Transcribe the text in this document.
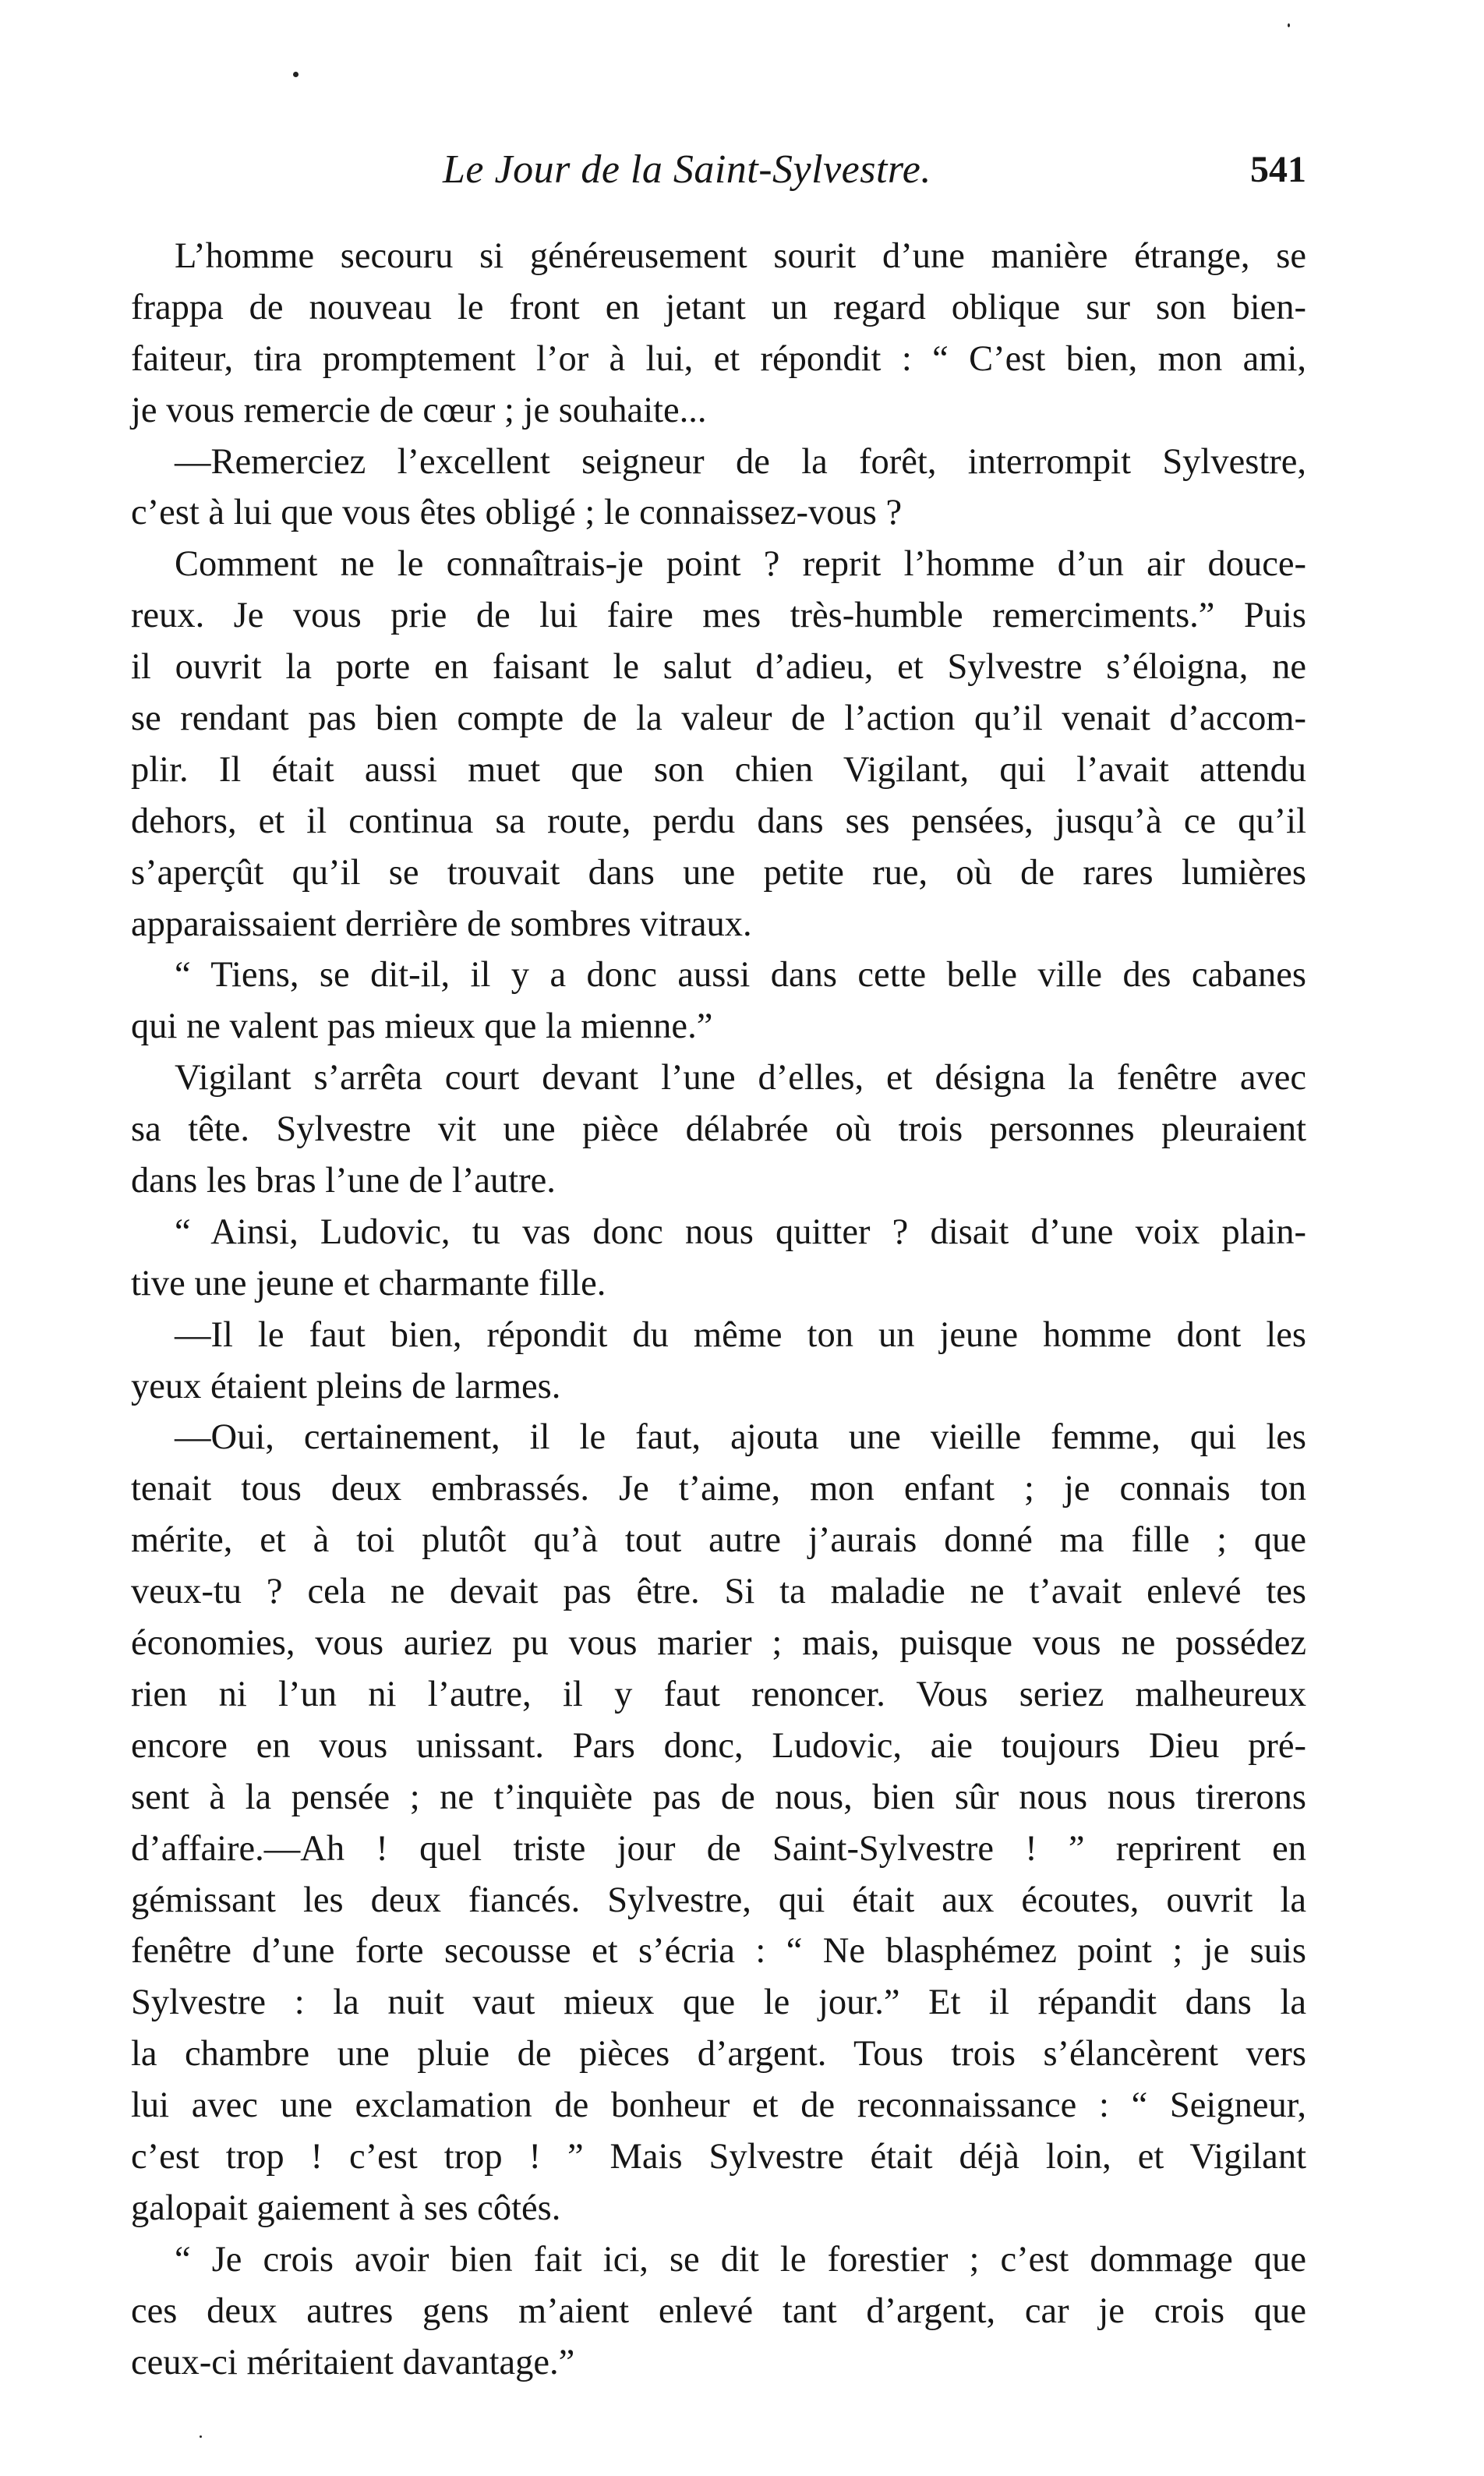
Le Jour de la Saint-Sylvestre.	541
L’homme secouru si généreusement sourit d’une manière étrange, se
frappa de nouveau le front en jetant un regard oblique sur son bien-
faiteur, tira promptement l’or à lui, et répondit : “ C’est bien, mon ami,
je vous remercie de cœur ; je souhaite...
—Remerciez l’excellent seigneur de la forêt, interrompit Sylvestre,
c’est à lui que vous êtes obligé ; le connaissez-vous ?
Comment ne le connaîtrais-je point ? reprit l’homme d’un air douce-
reux. Je vous prie de lui faire mes très-humble remerciments.” Puis
il ouvrit la porte en faisant le salut d’adieu, et Sylvestre s’éloigna, ne
se rendant pas bien compte de la valeur de l’action qu’il venait d’accom-
plir. Il était aussi muet que son chien Vigilant, qui l’avait attendu
dehors, et il continua sa route, perdu dans ses pensées, jusqu’à ce qu’il
s’aperçût qu’il se trouvait dans une petite rue, où de rares lumières
apparaissaient derrière de sombres vitraux.
“ Tiens, se dit-il, il y a donc aussi dans cette belle ville des cabanes
qui ne valent pas mieux que la mienne.”
Vigilant s’arrêta court devant l’une d’elles, et désigna la fenêtre avec
sa tête. Sylvestre vit une pièce délabrée où trois personnes pleuraient
dans les bras l’une de l’autre.
“ Ainsi, Ludovic, tu vas donc nous quitter ? disait d’une voix plain-
tive une jeune et charmante fille.
—Il le faut bien, répondit du même ton un jeune homme dont les
yeux étaient pleins de larmes.
—Oui, certainement, il le faut, ajouta une vieille femme, qui les
tenait tous deux embrassés. Je t’aime, mon enfant ; je connais ton
mérite, et à toi plutôt qu’à tout autre j’aurais donné ma fille ; que
veux-tu ? cela ne devait pas être. Si ta maladie ne t’avait enlevé tes
économies, vous auriez pu vous marier ; mais, puisque vous ne possédez
rien ni l’un ni l’autre, il y faut renoncer. Vous seriez malheureux
encore en vous unissant. Pars donc, Ludovic, aie toujours Dieu pré-
sent à la pensée ; ne t’inquiète pas de nous, bien sûr nous nous tirerons
d’affaire.—Ah ! quel triste jour de Saint-Sylvestre ! ” reprirent en
gémissant les deux fiancés. Sylvestre, qui était aux écoutes, ouvrit la
fenêtre d’une forte secousse et s’écria : “ Ne blasphémez point ; je suis
Sylvestre : la nuit vaut mieux que le jour.” Et il répandit dans la
la chambre une pluie de pièces d’argent. Tous trois s’élancèrent vers
lui avec une exclamation de bonheur et de reconnaissance : “ Seigneur,
c’est trop ! c’est trop ! ” Mais Sylvestre était déjà loin, et Vigilant
galopait gaiement à ses côtés.
“ Je crois avoir bien fait ici, se dit le forestier ; c’est dommage que
ces deux autres gens m’aient enlevé tant d’argent, car je crois que
ceux-ci méritaient davantage.”
